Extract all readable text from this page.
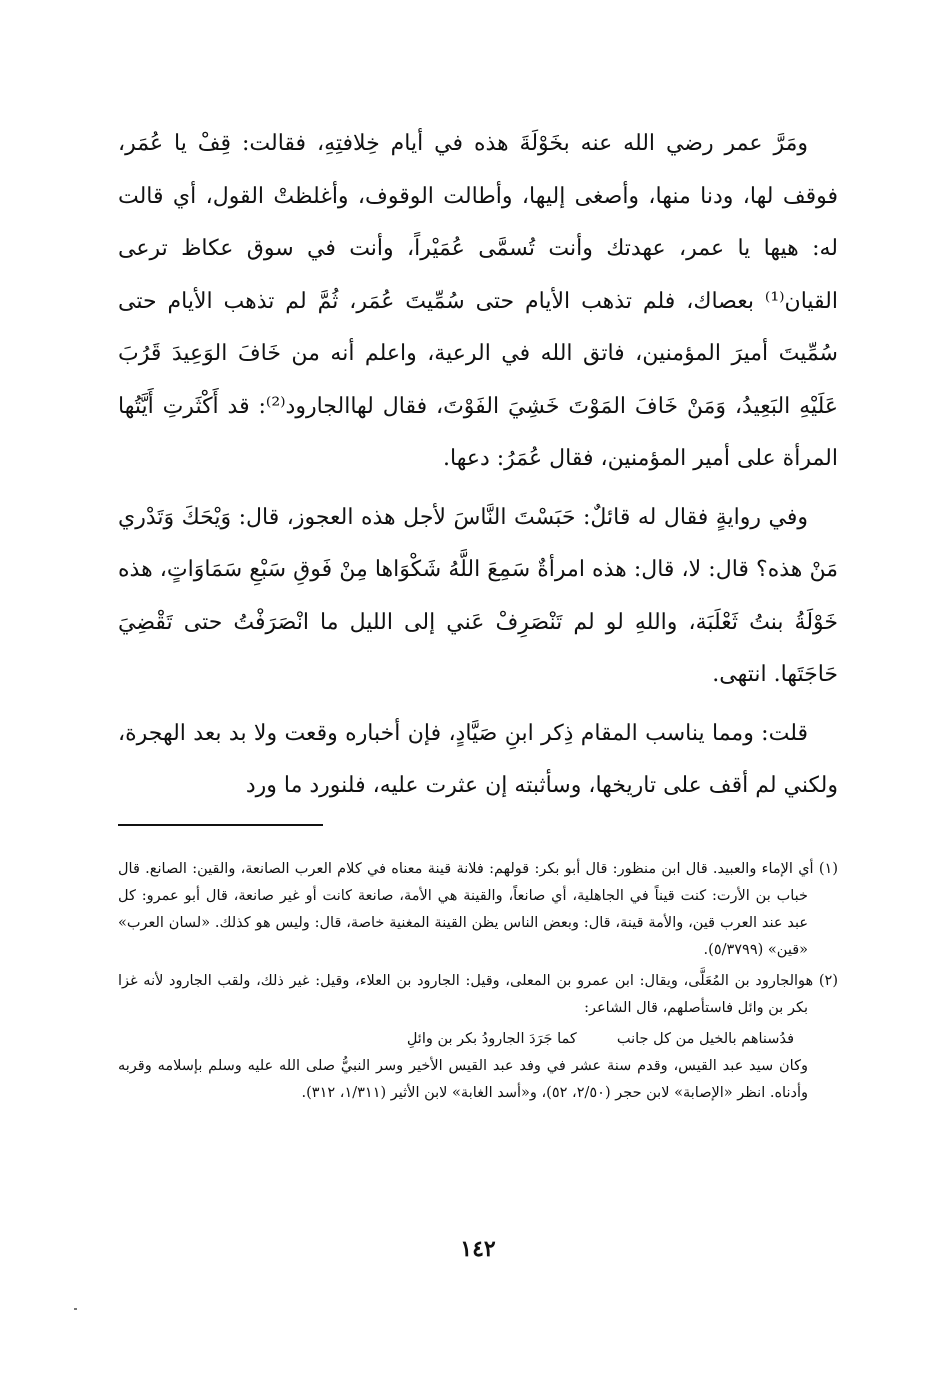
ومَرَّ عمر رضي الله عنه بخَوْلَةَ هذه في أيام خِلافتِهِ، فقالت: قِفْ يا عُمَر، فوقف لها، ودنا منها، وأصغى إليها، وأطالت الوقوف، وأغلظتْ القول، أي قالت له: هيها يا عمر، عهدتك وأنت تُسمَّى عُمَيْراً، وأنت في سوق عكاظ ترعى القيان⁽¹⁾ بعصاك، فلم تذهب الأيام حتى سُمِّيتَ عُمَر، ثُمَّ لم تذهب الأيام حتى سُمِّيتَ أميرَ المؤمنين، فاتق الله في الرعية، واعلم أنه من خَافَ الوَعِيدَ قَرُبَ عَلَيْهِ البَعِيدُ، وَمَنْ خَافَ المَوْتَ خَشِيَ الفَوْتَ، فقال لهاالجارود⁽²⁾: قد أَكْثَرتِ أَيَّتُها المرأة على أمير المؤمنين، فقال عُمَرُ: دعها.

وفي روايةٍ فقال له قائلٌ: حَبَسْتَ النَّاسَ لأجل هذه العجوز، قال: وَيْحَكَ وَتَدْري مَنْ هذه؟ قال: لا، قال: هذه امرأةٌ سَمِعَ اللَّهُ شَكْوَاها مِنْ فَوقِ سَبْعِ سَمَاوَاتٍ، هذه خَوْلَةُ بنتُ ثَعْلَبَة، واللهِ لو لم تَنْصَرِفْ عَني إلى الليل ما انْصَرَفْتُ حتى تَقْضِيَ حَاجَتَها. انتهى.

قلت: ومما يناسب المقام ذِكر ابنِ صَيَّادٍ، فإن أخباره وقعت ولا بد بعد الهجرة، ولكني لم أقف على تاريخها، وسأثبته إن عثرت عليه، فلنورد ما ورد

(١) أي الإماء والعبيد. قال ابن منظور: قال أبو بكر: قولهم: فلانة قينة معناه في كلام العرب الصانعة، والقين: الصانع. قال خباب بن الأرت: كنت قيناً في الجاهلية، أي صانعاً، والقينة هي الأمة، صانعة كانت أو غير صانعة، قال أبو عمرو: كل عبد عند العرب قين، والأمة قينة، قال: وبعض الناس يظن القينة المغنية خاصة، قال: وليس هو كذلك. «لسان العرب» «قين» (٥/٣٧٩٩).

(٢) هوالجارود بن المُعَلَّى، ويقال: ابن عمرو بن المعلى، وقيل: الجارود بن العلاء، وقيل: غير ذلك، ولقب الجارود لأنه غزا بكر بن وائل فاستأصلهم، قال الشاعر:

فدُسناهم بالخيل من كل جانب
كما جَرَدَ الجارودُ بكر بن وائلِ

وكان سيد عبد القيس، وقدم سنة عشر في وفد عبد القيس الأخير وسر النبيُّ صلى الله عليه وسلم بإسلامه وقربه وأدناه. انظر «الإصابة» لابن حجر (٢/٥٠، ٥٢)، و«أسد الغابة» لابن الأثير (١/٣١١، ٣١٢).

١٤٢
